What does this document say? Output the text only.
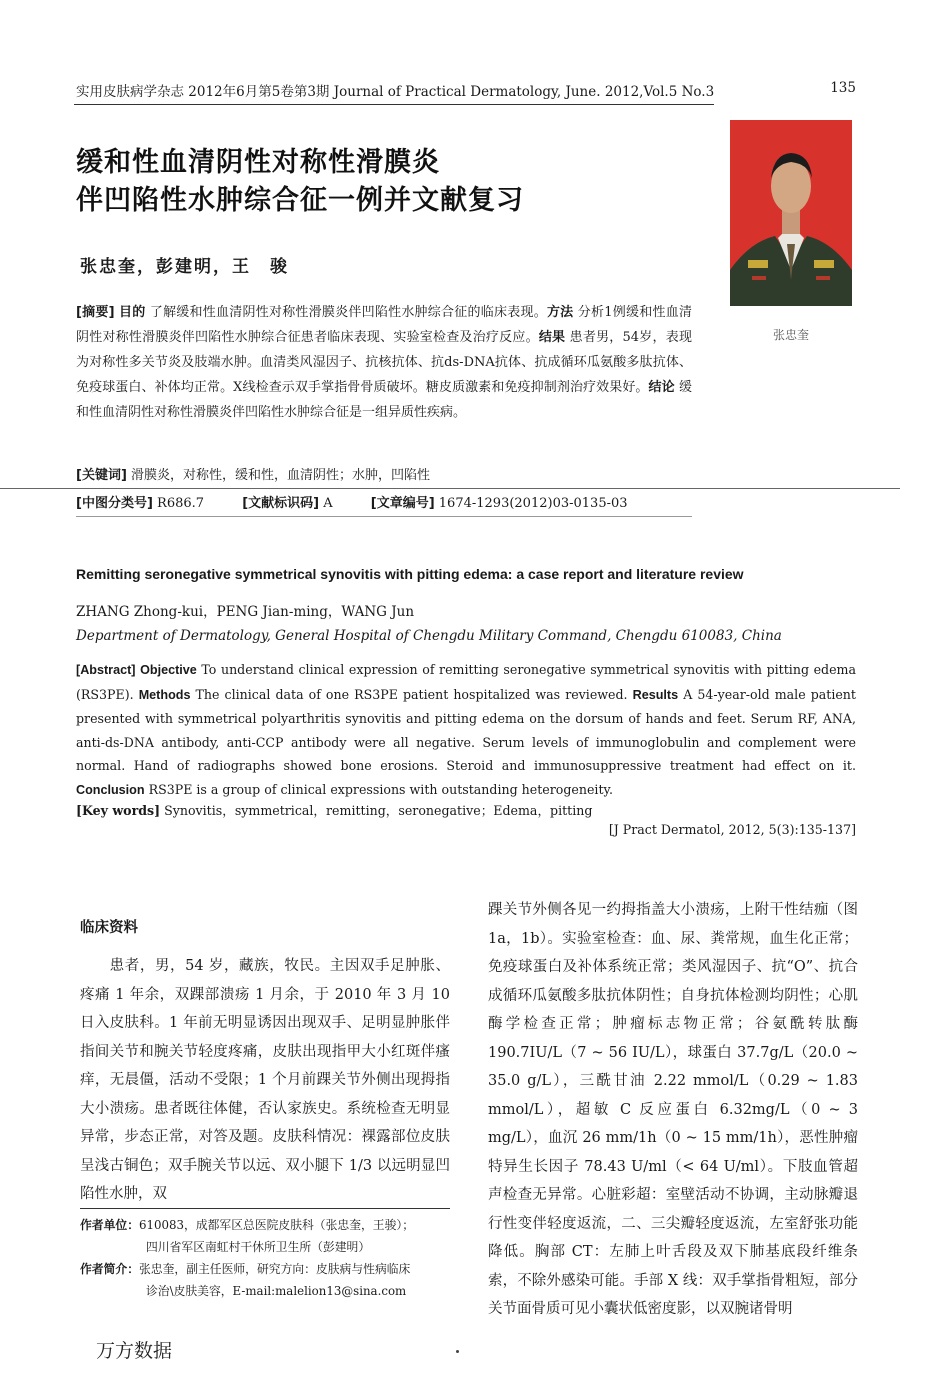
实用皮肤病学杂志 2012年6月第5卷第3期 Journal of Practical Dermatology, June. 2012,Vol.5 No.3	135
缓和性血清阴性对称性滑膜炎
伴凹陷性水肿综合征一例并文献复习
张忠奎，彭建明，王　骏
张忠奎
[摘要] 目的 了解缓和性血清阴性对称性滑膜炎伴凹陷性水肿综合征的临床表现。方法 分析1例缓和性血清阴性对称性滑膜炎伴凹陷性水肿综合征患者临床表现、实验室检查及治疗反应。结果 患者男，54岁，表现为对称性多关节炎及肢端水肿。血清类风湿因子、抗核抗体、抗ds-DNA抗体、抗成循环瓜氨酸多肽抗体、免疫球蛋白、补体均正常。X线检查示双手掌指骨骨质破坏。糖皮质激素和免疫抑制剂治疗效果好。结论 缓和性血清阴性对称性滑膜炎伴凹陷性水肿综合征是一组异质性疾病。
[关键词] 滑膜炎，对称性，缓和性，血清阴性；水肿，凹陷性
[中图分类号] R686.7	[文献标识码] A	[文章编号] 1674-1293(2012)03-0135-03
Remitting seronegative symmetrical synovitis with pitting edema: a case report and literature review
ZHANG Zhong-kui，PENG Jian-ming，WANG Jun
Department of Dermatology, General Hospital of Chengdu Military Command, Chengdu 610083, China
[Abstract] Objective To understand clinical expression of remitting seronegative symmetrical synovitis with pitting edema (RS3PE). Methods The clinical data of one RS3PE patient hospitalized was reviewed. Results A 54-year-old male patient presented with symmetrical polyarthritis synovitis and pitting edema on the dorsum of hands and feet. Serum RF, ANA, anti-ds-DNA antibody, anti-CCP antibody were all negative. Serum levels of immunoglobulin and complement were normal. Hand of radiographs showed bone erosions. Steroid and immunosuppressive treatment had effect on it. Conclusion RS3PE is a group of clinical expressions with outstanding heterogeneity.
[Key words] Synovitis，symmetrical，remitting，seronegative；Edema，pitting
[J Pract Dermatol, 2012, 5(3):135-137]
临床资料
患者，男，54 岁，藏族，牧民。主因双手足肿胀、疼痛 1 年余，双踝部溃疡 1 月余，于 2010 年 3 月 10 日入皮肤科。1 年前无明显诱因出现双手、足明显肿胀伴指间关节和腕关节轻度疼痛，皮肤出现指甲大小红斑伴瘙痒，无晨僵，活动不受限；1 个月前踝关节外侧出现拇指大小溃疡。患者既往体健，否认家族史。系统检查无明显异常，步态正常，对答及题。皮肤科情况：裸露部位皮肤呈浅古铜色；双手腕关节以远、双小腿下 1/3 以远明显凹陷性水肿，双
踝关节外侧各见一约拇指盖大小溃疡，上附干性结痂（图 1a，1b）。实验室检查：血、尿、粪常规，血生化正常；免疫球蛋白及补体系统正常；类风湿因子、抗“O”、抗合成循环瓜氨酸多肽抗体阴性；自身抗体检测均阴性；心肌酶学检查正常；肿瘤标志物正常；谷氨酰转肽酶 190.7IU/L（7 ~ 56 IU/L），球蛋白 37.7g/L（20.0 ~ 35.0 g/L），三酰甘油 2.22 mmol/L（0.29 ~ 1.83 mmol/L），超敏 C 反应蛋白 6.32mg/L（0 ~ 3 mg/L），血沉 26 mm/1h（0 ~ 15 mm/1h），恶性肿瘤特异生长因子 78.43 U/ml（< 64 U/ml）。下肢血管超声检查无异常。心脏彩超：室壁活动不协调，主动脉瓣退行性变伴轻度返流，二、三尖瓣轻度返流，左室舒张功能降低。胸部 CT：左肺上叶舌段及双下肺基底段纤维条索，不除外感染可能。手部 X 线：双手掌指骨粗短，部分关节面骨质可见小囊状低密度影，以双腕诸骨明
作者单位：610083，成都军区总医院皮肤科（张忠奎，王骏）；
四川省军区南虹村干休所卫生所（彭建明）
作者简介：张忠奎，副主任医师，研究方向：皮肤病与性病临床
诊治\皮肤美容，E-mail:malelion13@sina.com
万方数据
